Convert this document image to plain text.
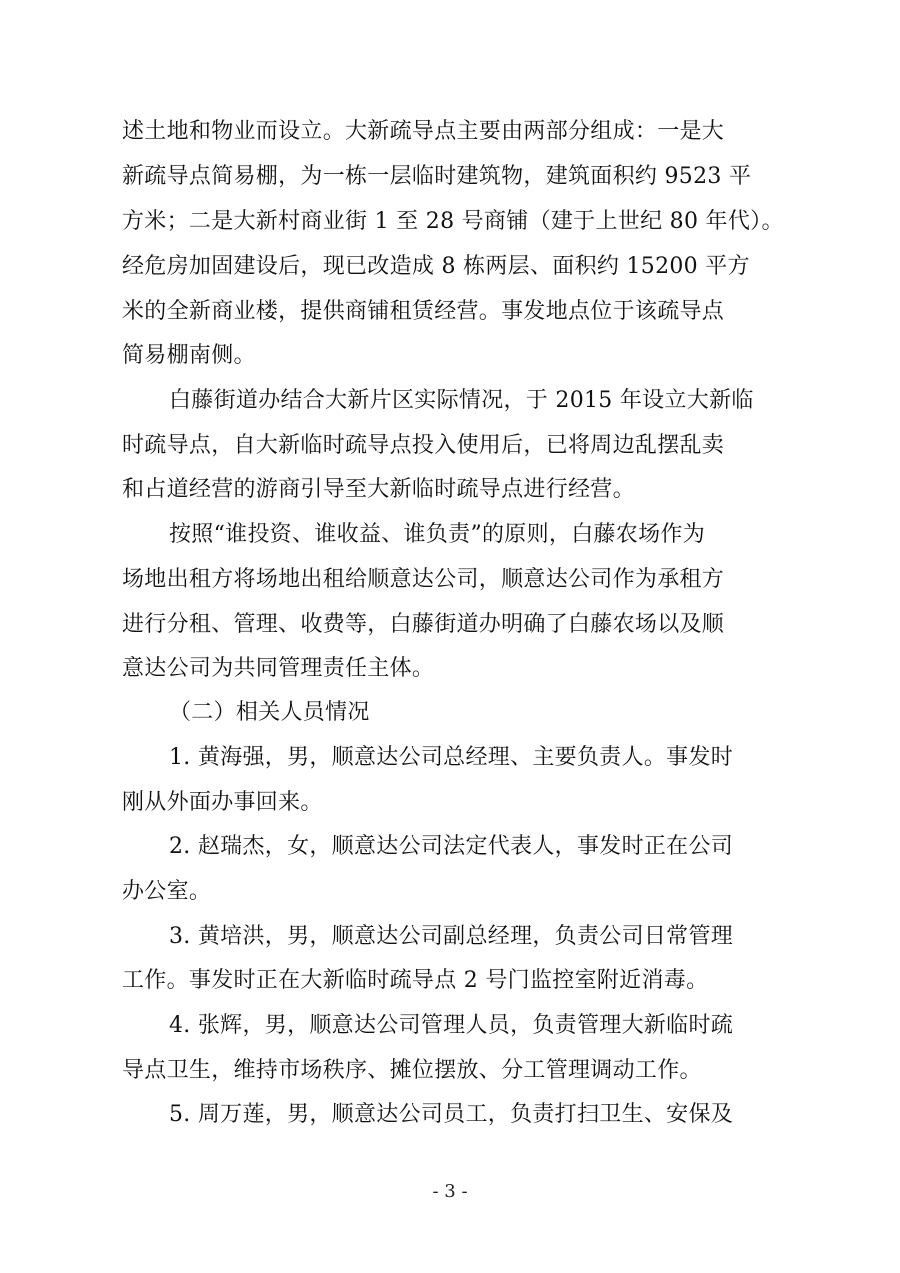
述土地和物业而设立。大新疏导点主要由两部分组成：一是大
新疏导点简易棚，为一栋一层临时建筑物，建筑面积约 9523 平
方米；二是大新村商业街 1 至 28 号商铺（建于上世纪 80 年代）。
经危房加固建设后，现已改造成 8 栋两层、面积约 15200 平方
米的全新商业楼，提供商铺租赁经营。事发地点位于该疏导点
简易棚南侧。
白藤街道办结合大新片区实际情况，于 2015 年设立大新临
时疏导点，自大新临时疏导点投入使用后，已将周边乱摆乱卖
和占道经营的游商引导至大新临时疏导点进行经营。
按照“谁投资、谁收益、谁负责”的原则，白藤农场作为
场地出租方将场地出租给顺意达公司，顺意达公司作为承租方
进行分租、管理、收费等，白藤街道办明确了白藤农场以及顺
意达公司为共同管理责任主体。
（二）相关人员情况
1. 黄海强，男，顺意达公司总经理、主要负责人。事发时
刚从外面办事回来。
2. 赵瑞杰，女，顺意达公司法定代表人，事发时正在公司
办公室。
3. 黄培洪，男，顺意达公司副总经理，负责公司日常管理
工作。事发时正在大新临时疏导点 2 号门监控室附近消毒。
4. 张辉，男，顺意达公司管理人员，负责管理大新临时疏
导点卫生，维持市场秩序、摊位摆放、分工管理调动工作。
5. 周万莲，男，顺意达公司员工，负责打扫卫生、安保及
- 3 -
